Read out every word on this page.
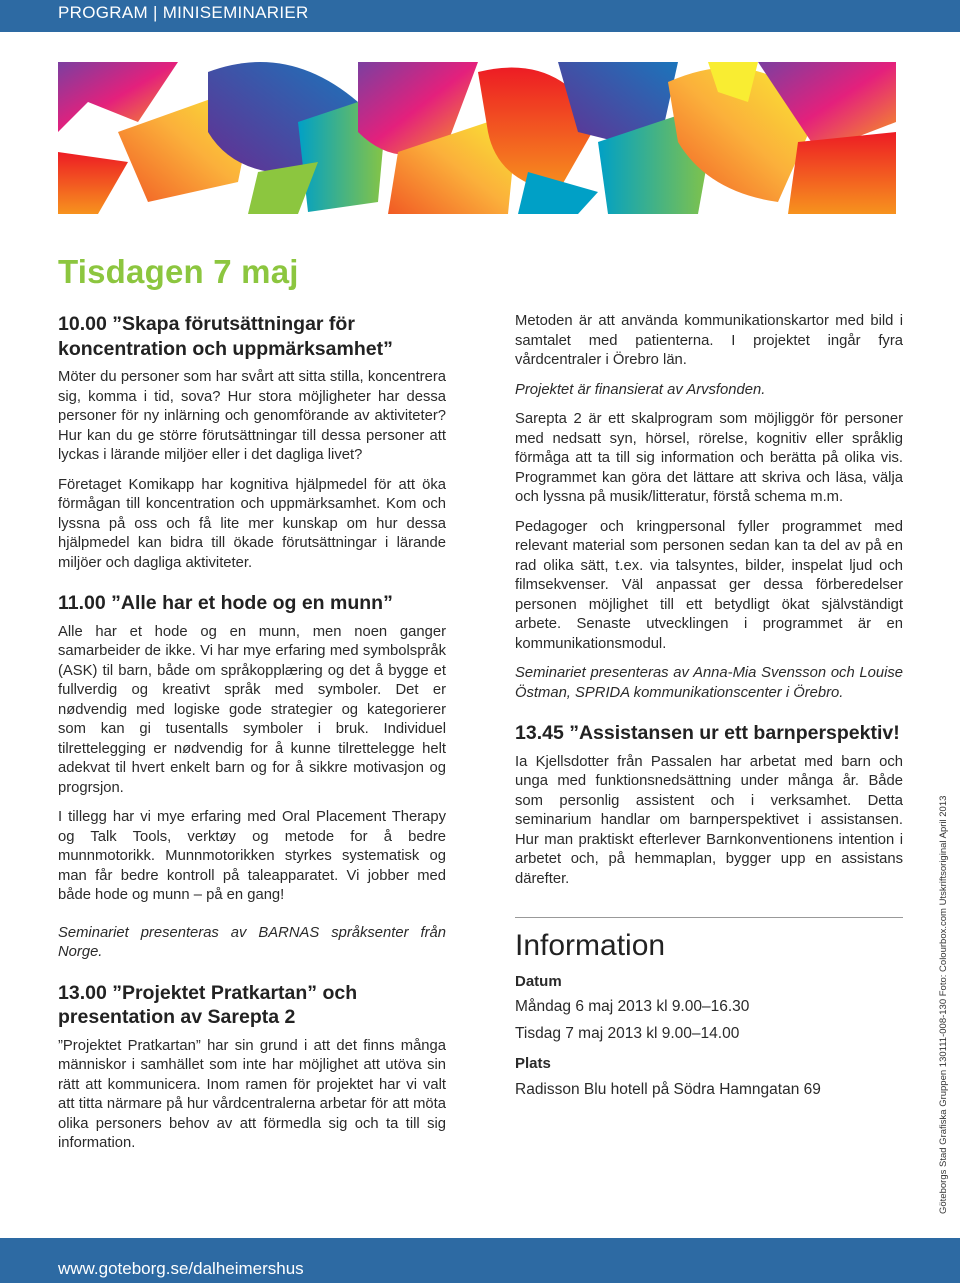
PROGRAM | MINISEMINARIER
Tisdagen 7 maj
10.00 ”Skapa förutsättningar för koncentration och uppmärksamhet”

Möter du personer som har svårt att sitta stilla, koncentrera sig, komma i tid, sova? Hur stora möjligheter har dessa personer för ny inlärning och genomförande av aktiviteter? Hur kan du ge större förutsättningar till dessa personer att lyckas i lärande miljöer eller i det dagliga livet?

Företaget Komikapp har kognitiva hjälpmedel för att öka förmågan till koncentration och uppmärksamhet. Kom och lyssna på oss och få lite mer kunskap om hur dessa hjälpmedel kan bidra till ökade förutsättningar i lärande miljöer och dagliga aktiviteter.

11.00 ”Alle har et hode og en munn”

Alle har et hode og en munn, men noen ganger samarbeider de ikke. Vi har mye erfaring med symbolspråk (ASK) til barn, både om språkopplæring og det å bygge et fullverdig og kreativt språk med symboler. Det er nødvendig med logiske gode strategier og kategorierer som kan gi tusentalls symboler i bruk. Individuel tilrettelegging er nødvendig for å kunne tilrettelegge helt adekvat til hvert enkelt barn og for å sikkre motivasjon og progrsjon.

I tillegg har vi mye erfaring med Oral Placement Therapy og Talk Tools, verktøy og metode for å bedre munnmotorikk. Munnmotorikken styrkes systematisk og man får bedre kontroll på taleapparatet. Vi jobber med både hode og munn – på en gang!

Seminariet presenteras av BARNAS språksenter från Norge.

13.00 ”Projektet Pratkartan” och presentation av Sarepta 2

”Projektet Pratkartan” har sin grund i att det finns många människor i samhället som inte har möjlighet att utöva sin rätt att kommunicera. Inom ramen för projektet har vi valt att titta närmare på hur vårdcentralerna arbetar för att möta olika personers behov av att förmedla sig och ta till sig information.

Metoden är att använda kommunikationskartor med bild i samtalet med patienterna. I projektet ingår fyra vårdcentraler i Örebro län.

Projektet är finansierat av Arvsfonden.

Sarepta 2 är ett skalprogram som möjliggör för personer med nedsatt syn, hörsel, rörelse, kognitiv eller språklig förmåga att ta till sig information och berätta på olika vis. Programmet kan göra det lättare att skriva och läsa, välja och lyssna på musik/litteratur, förstå schema m.m.

Pedagoger och kringpersonal fyller programmet med relevant material som personen sedan kan ta del av på en rad olika sätt, t.ex. via talsyntes, bilder, inspelat ljud och filmsekvenser. Väl anpassat ger dessa förberedelser personen möjlighet till ett betydligt ökat självständigt arbete. Senaste utvecklingen i programmet är en kommunikationsmodul.

Seminariet presenteras av Anna-Mia Svensson och Louise Östman, SPRIDA kommunikationscenter i Örebro.

13.45 ”Assistansen ur ett barnperspektiv!

Ia Kjellsdotter från Passalen har arbetat med barn och unga med funktionsnedsättning under många år. Både som personlig assistent och i verksamhet. Detta seminarium handlar om barnperspektivet i assistansen. Hur man praktiskt efterlever Barnkonventionens intention i arbetet och, på hemmaplan, bygger upp en assistans därefter.

Information
Datum
Måndag 6 maj 2013 kl 9.00–16.30
Tisdag 7 maj 2013 kl 9.00–14.00
Plats
Radisson Blu hotell på Södra Hamngatan 69	Göteborgs Stad Grafiska Gruppen 130111-008-130 Foto: Colourbox.com Utskriftsoriginal April 2013
www.goteborg.se/dalheimershus
